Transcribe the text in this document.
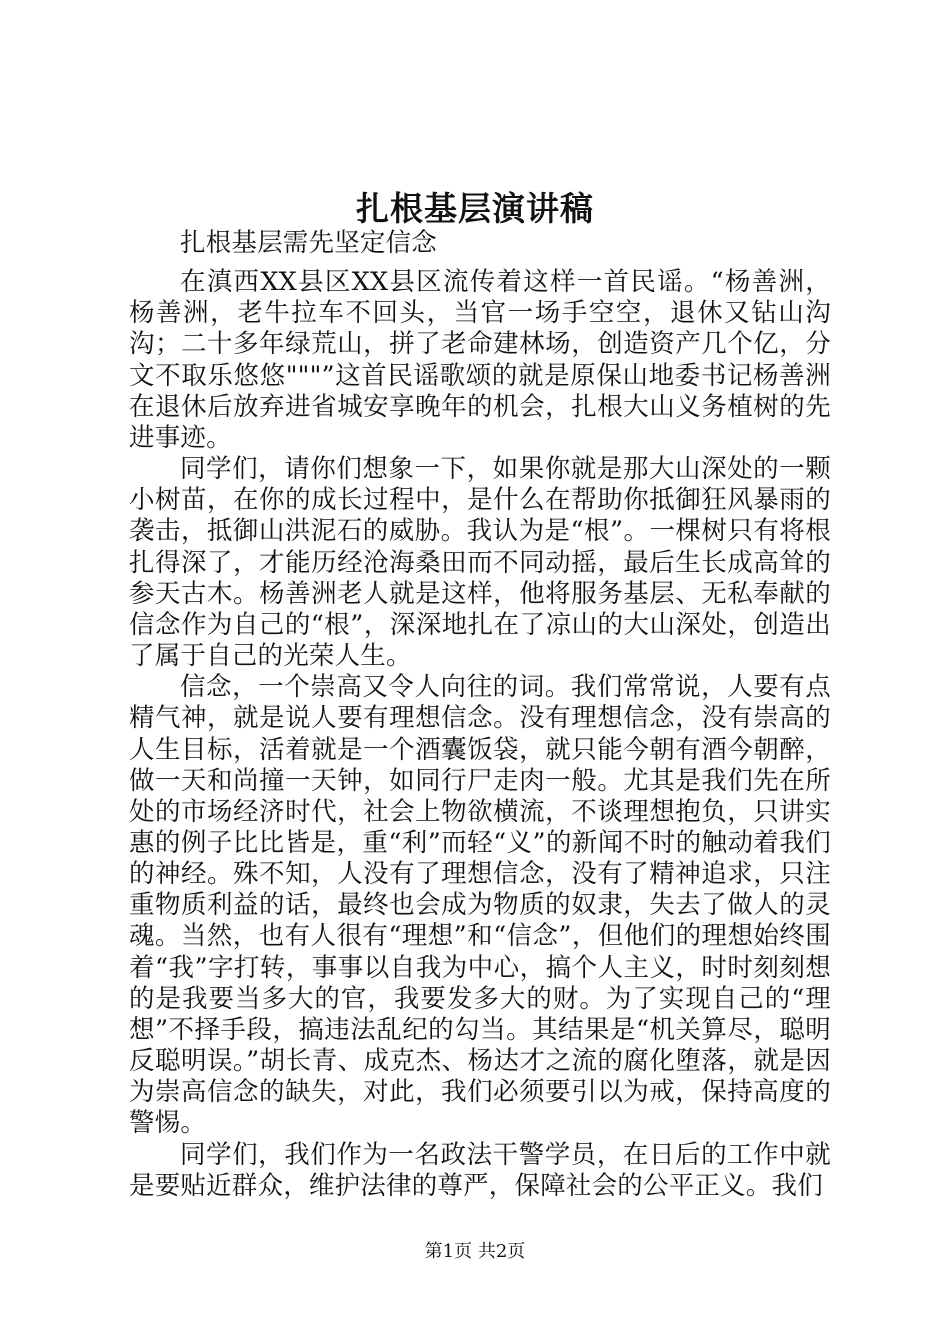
扎根基层演讲稿

扎根基层需先坚定信念

在滇西XX县区XX县区流传着这样一首民谣。“杨善洲，杨善洲，老牛拉车不回头，当官一场手空空，退休又钻山沟沟；二十多年绿荒山，拼了老命建林场，创造资产几个亿，分文不取乐悠悠"""”这首民谣歌颂的就是原保山地委书记杨善洲在退休后放弃进省城安享晚年的机会，扎根大山义务植树的先进事迹。

同学们，请你们想象一下，如果你就是那大山深处的一颗小树苗，在你的成长过程中，是什么在帮助你抵御狂风暴雨的袭击，抵御山洪泥石的威胁。我认为是“根”。一棵树只有将根扎得深了，才能历经沧海桑田而不同动摇，最后生长成高耸的参天古木。杨善洲老人就是这样，他将服务基层、无私奉献的信念作为自己的“根”，深深地扎在了凉山的大山深处，创造出了属于自己的光荣人生。

信念，一个崇高又令人向往的词。我们常常说，人要有点精气神，就是说人要有理想信念。没有理想信念，没有崇高的人生目标，活着就是一个酒囊饭袋，就只能今朝有酒今朝醉，做一天和尚撞一天钟，如同行尸走肉一般。尤其是我们先在所处的市场经济时代，社会上物欲横流，不谈理想抱负，只讲实惠的例子比比皆是，重“利”而轻“义”的新闻不时的触动着我们的神经。殊不知，人没有了理想信念，没有了精神追求，只注重物质利益的话，最终也会成为物质的奴隶，失去了做人的灵魂。当然，也有人很有“理想”和“信念”，但他们的理想始终围着“我”字打转，事事以自我为中心，搞个人主义，时时刻刻想的是我要当多大的官，我要发多大的财。为了实现自己的“理想”不择手段，搞违法乱纪的勾当。其结果是“机关算尽，聪明反聪明误。”胡长青、成克杰、杨达才之流的腐化堕落，就是因为崇高信念的缺失，对此，我们必须要引以为戒，保持高度的警惕。

同学们，我们作为一名政法干警学员，在日后的工作中就是要贴近群众，维护法律的尊严，保障社会的公平正义。我们

第1页 共2页
